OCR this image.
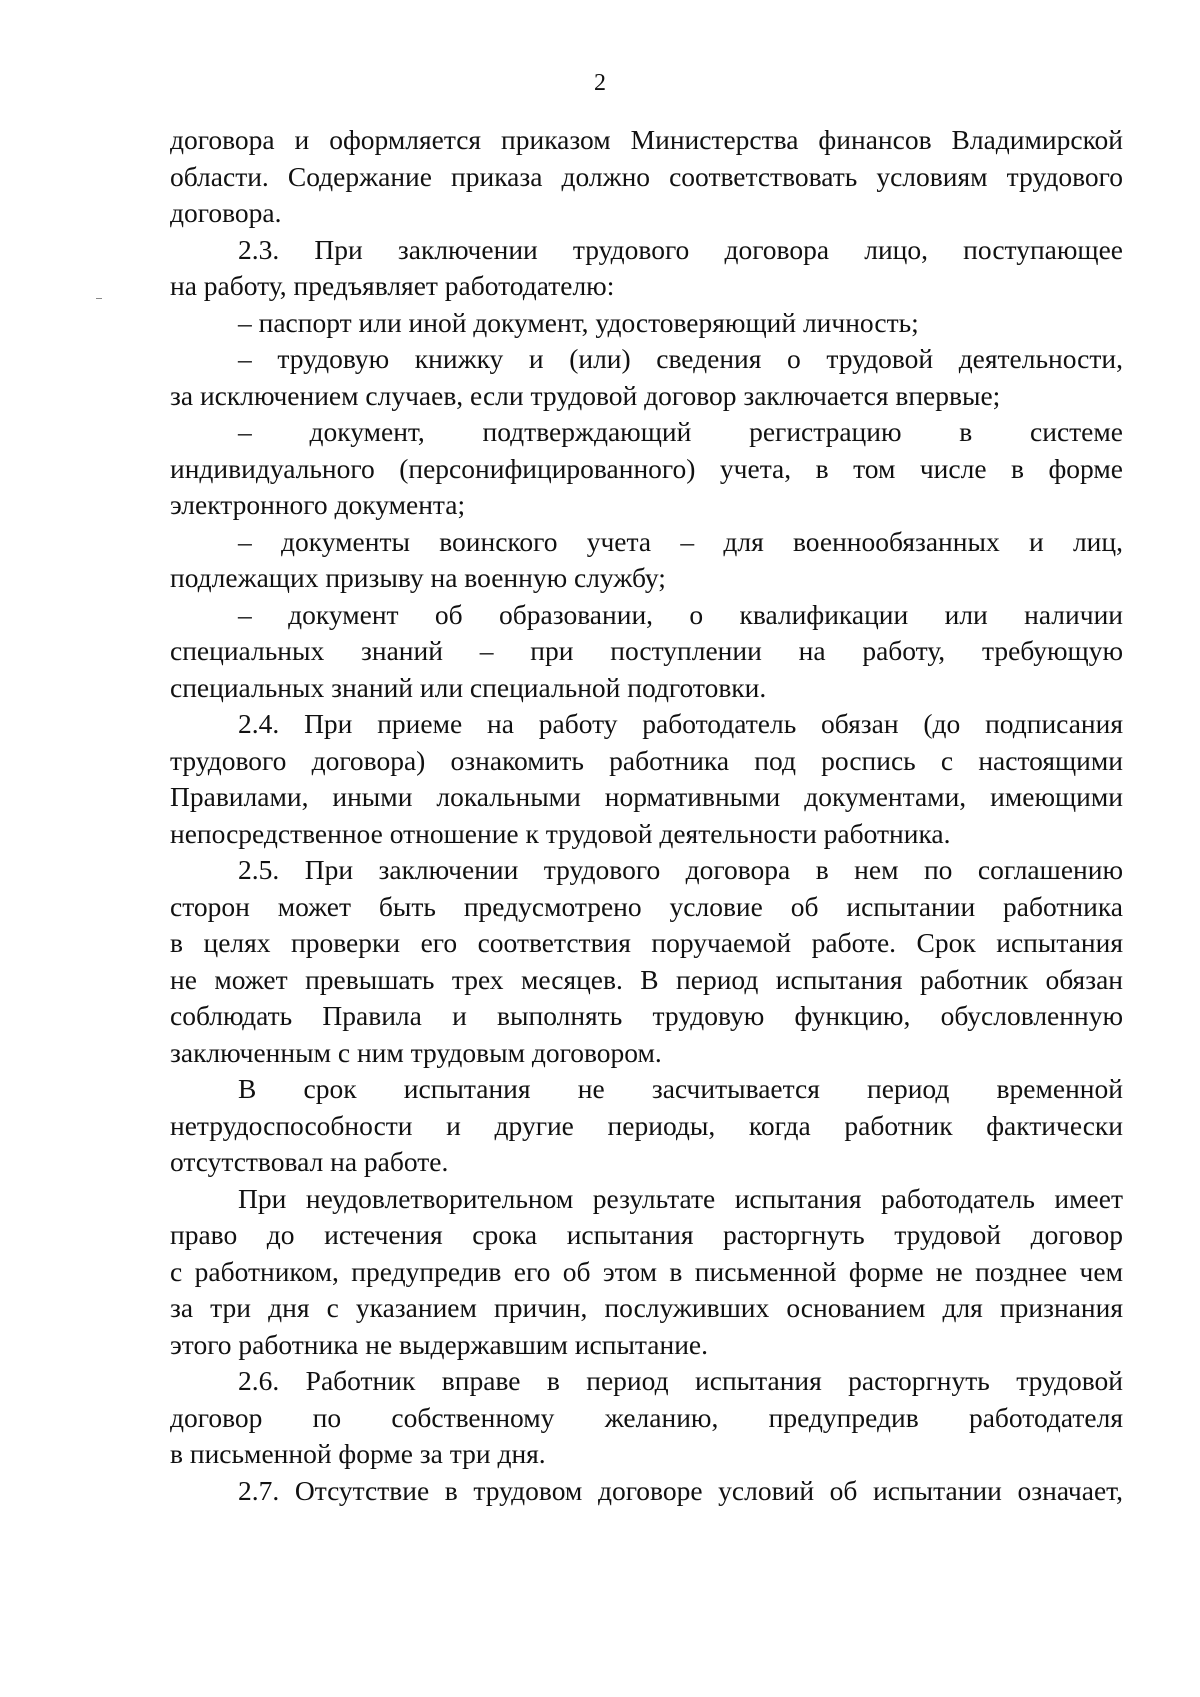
2

договора и оформляется приказом Министерства финансов Владимирской
области. Содержание приказа должно соответствовать условиям трудового
договора.

2.3. При заключении трудового договора лицо, поступающее
на работу, предъявляет работодателю:

– паспорт или иной документ, удостоверяющий личность;

– трудовую книжку и (или) сведения о трудовой деятельности,
за исключением случаев, если трудовой договор заключается впервые;

– документ, подтверждающий регистрацию в системе
индивидуального (персонифицированного) учета, в том числе в форме
электронного документа;

– документы воинского учета – для военнообязанных и лиц,
подлежащих призыву на военную службу;

– документ об образовании, о квалификации или наличии
специальных знаний – при поступлении на работу, требующую
специальных знаний или специальной подготовки.

2.4. При приеме на работу работодатель обязан (до подписания
трудового договора) ознакомить работника под роспись с настоящими
Правилами, иными локальными нормативными документами, имеющими
непосредственное отношение к трудовой деятельности работника.

2.5. При заключении трудового договора в нем по соглашению
сторон может быть предусмотрено условие об испытании работника
в целях проверки его соответствия поручаемой работе. Срок испытания
не может превышать трех месяцев. В период испытания работник обязан
соблюдать Правила и выполнять трудовую функцию, обусловленную
заключенным с ним трудовым договором.

В срок испытания не засчитывается период временной
нетрудоспособности и другие периоды, когда работник фактически
отсутствовал на работе.

При неудовлетворительном результате испытания работодатель имеет
право до истечения срока испытания расторгнуть трудовой договор
с работником, предупредив его об этом в письменной форме не позднее чем
за три дня с указанием причин, послуживших основанием для признания
этого работника не выдержавшим испытание.

2.6. Работник вправе в период испытания расторгнуть трудовой
договор по собственному желанию, предупредив работодателя
в письменной форме за три дня.

2.7. Отсутствие в трудовом договоре условий об испытании означает,
